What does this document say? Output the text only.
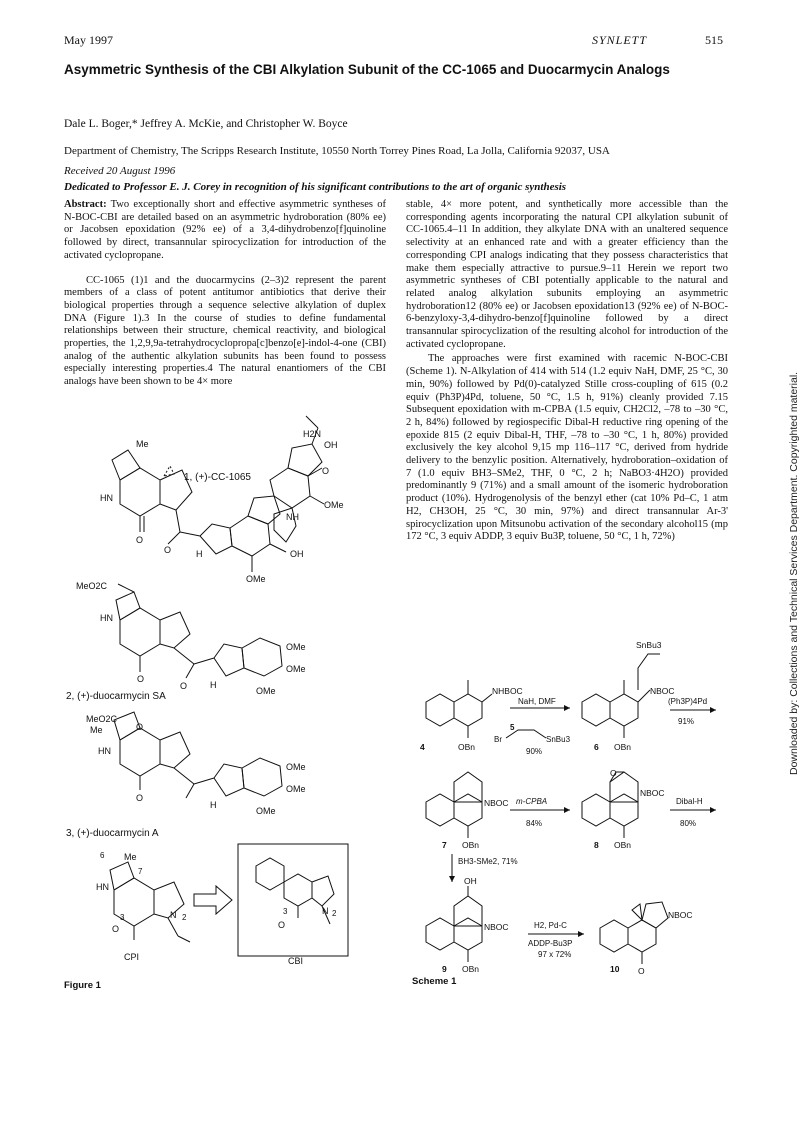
May 1997	SYNLETT	515
Asymmetric Synthesis of the CBI Alkylation Subunit of the CC-1065 and Duocarmycin Analogs
Dale L. Boger,* Jeffrey A. McKie, and Christopher W. Boyce
Department of Chemistry, The Scripps Research Institute, 10550 North Torrey Pines Road, La Jolla, California 92037, USA
Received 20 August 1996
Dedicated to Professor E. J. Corey in recognition of his significant contributions to the art of organic synthesis

Abstract: Two exceptionally short and effective asymmetric syntheses of N-BOC-CBI are detailed based on an asymmetric hydroboration (80% ee) or Jacobsen epoxidation (92% ee) of a 3,4-dihydrobenzo[f]quinoline followed by direct, transannular spirocyclization for introduction of the activated cyclopropane.

CC-1065 (1)1 and the duocarmycins (2–3)2 represent the parent members of a class of potent antitumor antibiotics that derive their biological properties through a sequence selective alkylation of duplex DNA (Figure 1).3 In the course of studies to define fundamental relationships between their structure, chemical reactivity, and biological properties, the 1,2,9,9a-tetrahydrocyclopropa[c]benzo[e]-indol-4-one (CBI) analog of the authentic alkylation subunits has been found to possess especially interesting properties.4 The natural enantiomers of the CBI analogs have been shown to be 4× more

stable, 4× more potent, and synthetically more accessible than the corresponding agents incorporating the natural CPI alkylation subunit of CC-1065.4–11 In addition, they alkylate DNA with an unaltered sequence selectivity at an enhanced rate and with a greater efficiency than the corresponding CPI analogs indicating that they possess characteristics that make them especially attractive to pursue.9–11 Herein we report two asymmetric syntheses of CBI potentially applicable to the natural and related analog alkylation subunits employing an asymmetric hydroboration12 (80% ee) or Jacobsen epoxidation13 (92% ee) of N-BOC-6-benzyloxy-3,4-dihydro-benzo[f]quinoline followed by a direct transannular spirocyclization of the resulting alcohol for introduction of the activated cyclopropane.

The approaches were first examined with racemic N-BOC-CBI (Scheme 1). N-Alkylation of 414 with 514 (1.2 equiv NaH, DMF, 25 °C, 30 min, 90%) followed by Pd(0)-catalyzed Stille cross-coupling of 615 (0.2 equiv (Ph3P)4Pd, toluene, 50 °C, 1.5 h, 91%) cleanly provided 7.15 Subsequent epoxidation with m-CPBA (1.5 equiv, CH2Cl2, –78 to –30 °C, 2 h, 84%) followed by regiospecific Dibal-H reductive ring opening of the epoxide 815 (2 equiv Dibal-H, THF, –78 to –30 °C, 1 h, 80%) provided exclusively the key alcohol 9,15 mp 116–117 °C, derived from hydride delivery to the benzylic position. Alternatively, hydroboration–oxidation of 7 (1.0 equiv BH3–SMe2, THF, 0 °C, 2 h; NaBO3·4H2O) provided predominantly 9 (71%) and a small amount of the isomeric hydroboration product (10%). Hydrogenolysis of the benzyl ether (cat 10% Pd–C, 1 atm H2, CH3OH, 25 °C, 30 min, 97%) and direct transannular Ar-3' spirocyclization upon Mitsunobu activation of the secondary alcohol15 (mp 172 °C, 3 equiv ADDP, 3 equiv Bu3P, toluene, 50 °C, 1 h, 72%)	Downloaded by: Collections and Technical Services Department. Copyrighted material.
Me
HN
O
O
1, (+)-CC-1065
H2N
O
OH
OMe
NH
OH
H
OMe
MeO2C
HN
O
O
OMe
OMe
OMe
H
2, (+)-duocarmycin SA
MeO2C
O
Me
HN
O
OMe
OMe
OMe
H
3, (+)-duocarmycin A
6 Me
7
HN
3	N 2
O
CPI
3	N 2
O
CBI
Figure 1
NHBOC
4	OBn
NaH, DMF
5
Br	SnBu3
90%
SnBu3
NBOC
6 OBn
(Ph3P)4Pd
91%
NBOC
7 OBn
m-CPBA
84%
O
NBOC
8 OBn
Dibal-H
80%
BH3-SMe2, 71%
OH
NBOC
9 OBn
H2, Pd-C
ADDP-Bu3P
97 x 72%
NBOC
10 O
Scheme 1
